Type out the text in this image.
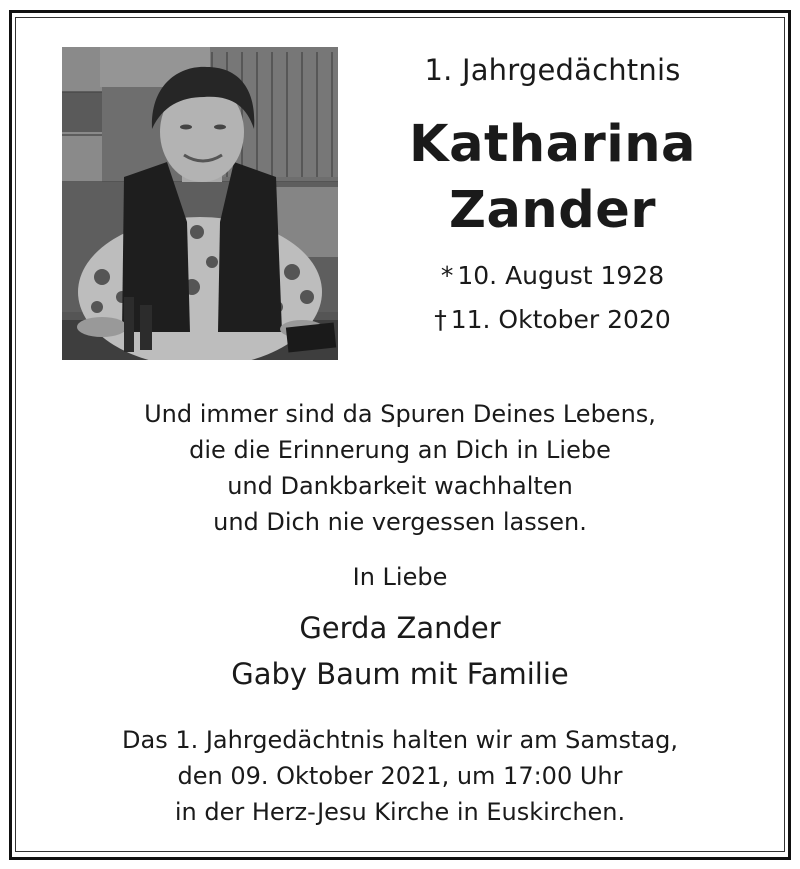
1. Jahrgedächtnis
Katharina
Zander
* 10. August 1928
† 11. Oktober 2020
Und immer sind da Spuren Deines Lebens,
die die Erinnerung an Dich in Liebe
und Dankbarkeit wachhalten
und Dich nie vergessen lassen.
In Liebe
Gerda Zander
Gaby Baum mit Familie
Das 1. Jahrgedächtnis halten wir am Samstag,
den 09. Oktober 2021, um 17:00 Uhr
in der Herz-Jesu Kirche in Euskirchen.
